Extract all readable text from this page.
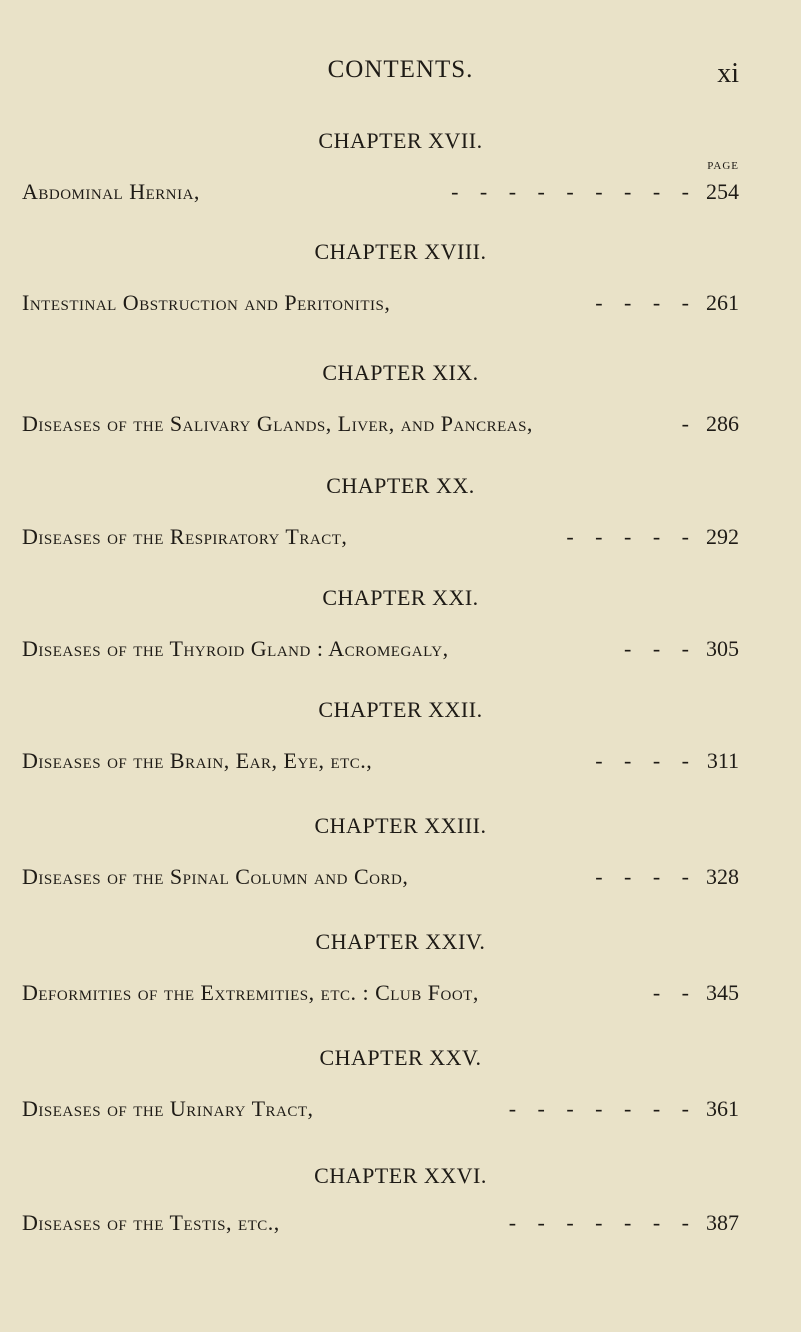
CONTENTS.	xi
PAGE
CHAPTER XVII.
Abdominal Hernia,	- - - - - - - - - 254
CHAPTER XVIII.
Intestinal Obstruction and Peritonitis,	- - - - 261
CHAPTER XIX.
Diseases of the Salivary Glands, Liver, and Pancreas,	- 286
CHAPTER XX.
Diseases of the Respiratory Tract,	- - - - - 292
CHAPTER XXI.
Diseases of the Thyroid Gland : Acromegaly,	- - - 305
CHAPTER XXII.
Diseases of the Brain, Ear, Eye, etc.,	- - - - 311
CHAPTER XXIII.
Diseases of the Spinal Column and Cord,	- - - - 328
CHAPTER XXIV.
Deformities of the Extremities, etc. : Club Foot,	- - 345
CHAPTER XXV.
Diseases of the Urinary Tract,	- - - - - - - 361
CHAPTER XXVI.
Diseases of the Testis, etc.,	- - - - - - - 387
